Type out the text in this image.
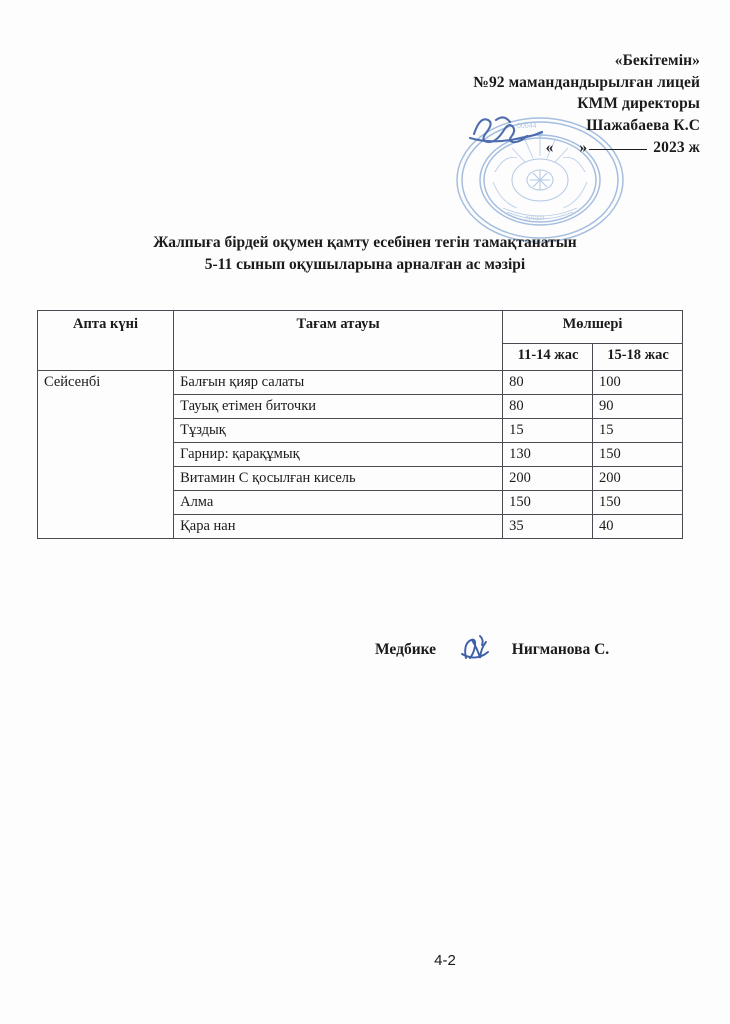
«Бекітемін»
№92 мамандандырылған лицей
КММ директоры
Шажабаева К.С
« »	2023 ж
00044
ЛИЦЕЙ
Жалпыға бірдей оқумен қамту есебінен тегін тамақтанатын
5-11 сынып оқушыларына арналған ас мәзірі
Апта күні	Тағам атауы	Мөлшері	
		11-14 жас	15-18 жас
Сейсенбі	Балғын қияр салаты	80	100
	Тауық етімен биточки	80	90
	Тұздық	15	15
	Гарнир: қарақұмық	130	150
	Витамин С қосылған кисель	200	200
	Алма	150	150
	Қара нан	35	40
Медбике	Нигманова С.
4-2
